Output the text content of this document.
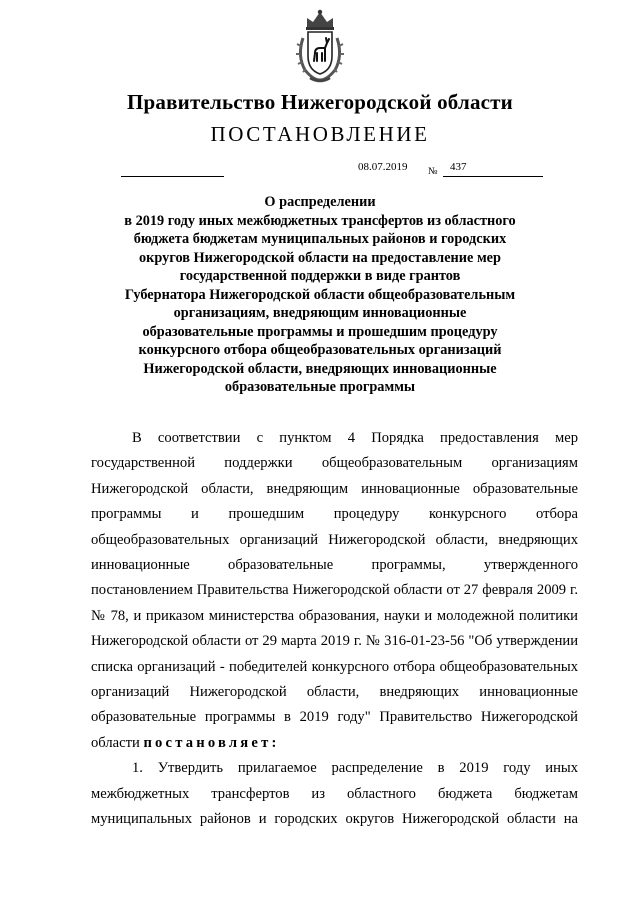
Правительство Нижегородской области
ПОСТАНОВЛЕНИЕ
08.07.2019 № 437
О распределении
в 2019 году иных межбюджетных трансфертов из областного
бюджета бюджетам муниципальных районов и городских
округов Нижегородской области на предоставление мер
государственной поддержки в виде грантов
Губернатора Нижегородской области общеобразовательным
организациям, внедряющим инновационные
образовательные программы и прошедшим процедуру
конкурсного отбора общеобразовательных организаций
Нижегородской области, внедряющих инновационные
образовательные программы

В соответствии с пунктом 4 Порядка предоставления мер государственной поддержки общеобразовательным организациям Нижегородской области, внедряющим инновационные образовательные программы и прошедшим процедуру конкурсного отбора общеобразовательных организаций Нижегородской области, внедряющих инновационные образовательные программы, утвержденного постановлением Правительства Нижегородской области от 27 февраля 2009 г. № 78, и приказом министерства образования, науки и молодежной политики Нижегородской области от 29 марта 2019 г. № 316-01-23-56 "Об утверждении списка организаций - победителей конкурсного отбора общеобразовательных организаций Нижегородской области, внедряющих инновационные образовательные программы в 2019 году" Правительство Нижегородской области постановляет:

1. Утвердить прилагаемое распределение в 2019 году иных межбюджетных трансфертов из областного бюджета бюджетам муниципальных районов и городских округов Нижегородской области на
